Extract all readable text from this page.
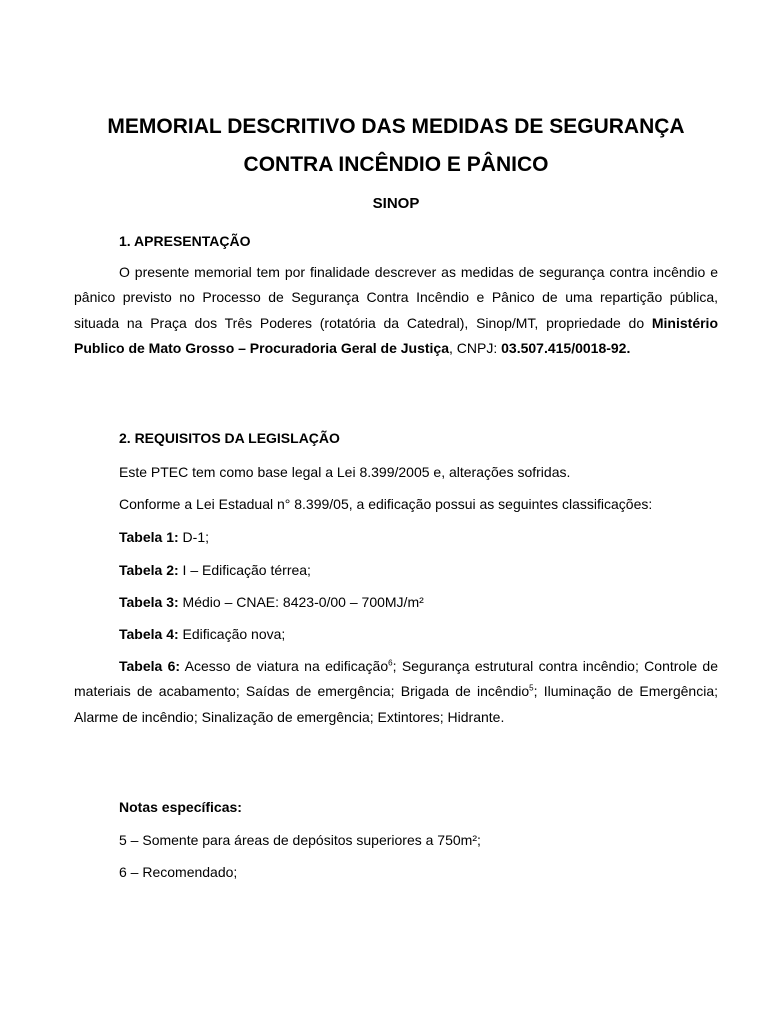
MEMORIAL DESCRITIVO DAS MEDIDAS DE SEGURANÇA CONTRA INCÊNDIO E PÂNICO

SINOP

1. APRESENTAÇÃO

O presente memorial tem por finalidade descrever as medidas de segurança contra incêndio e pânico previsto no Processo de Segurança Contra Incêndio e Pânico de uma repartição pública, situada na Praça dos Três Poderes (rotatória da Catedral), Sinop/MT, propriedade do Ministério Publico de Mato Grosso – Procuradoria Geral de Justiça, CNPJ: 03.507.415/0018-92.

2. REQUISITOS DA LEGISLAÇÃO

Este PTEC tem como base legal a Lei 8.399/2005 e, alterações sofridas.

Conforme a Lei Estadual n° 8.399/05, a edificação possui as seguintes classificações:

Tabela 1: D-1;

Tabela 2: I – Edificação térrea;

Tabela 3: Médio – CNAE: 8423-0/00 – 700MJ/m²

Tabela 4: Edificação nova;

Tabela 6: Acesso de viatura na edificação$^6$; Segurança estrutural contra incêndio; Controle de materiais de acabamento; Saídas de emergência; Brigada de incêndio$^5$; Iluminação de Emergência; Alarme de incêndio; Sinalização de emergência; Extintores; Hidrante.

Notas específicas:

5 – Somente para áreas de depósitos superiores a 750m²;

6 – Recomendado;
